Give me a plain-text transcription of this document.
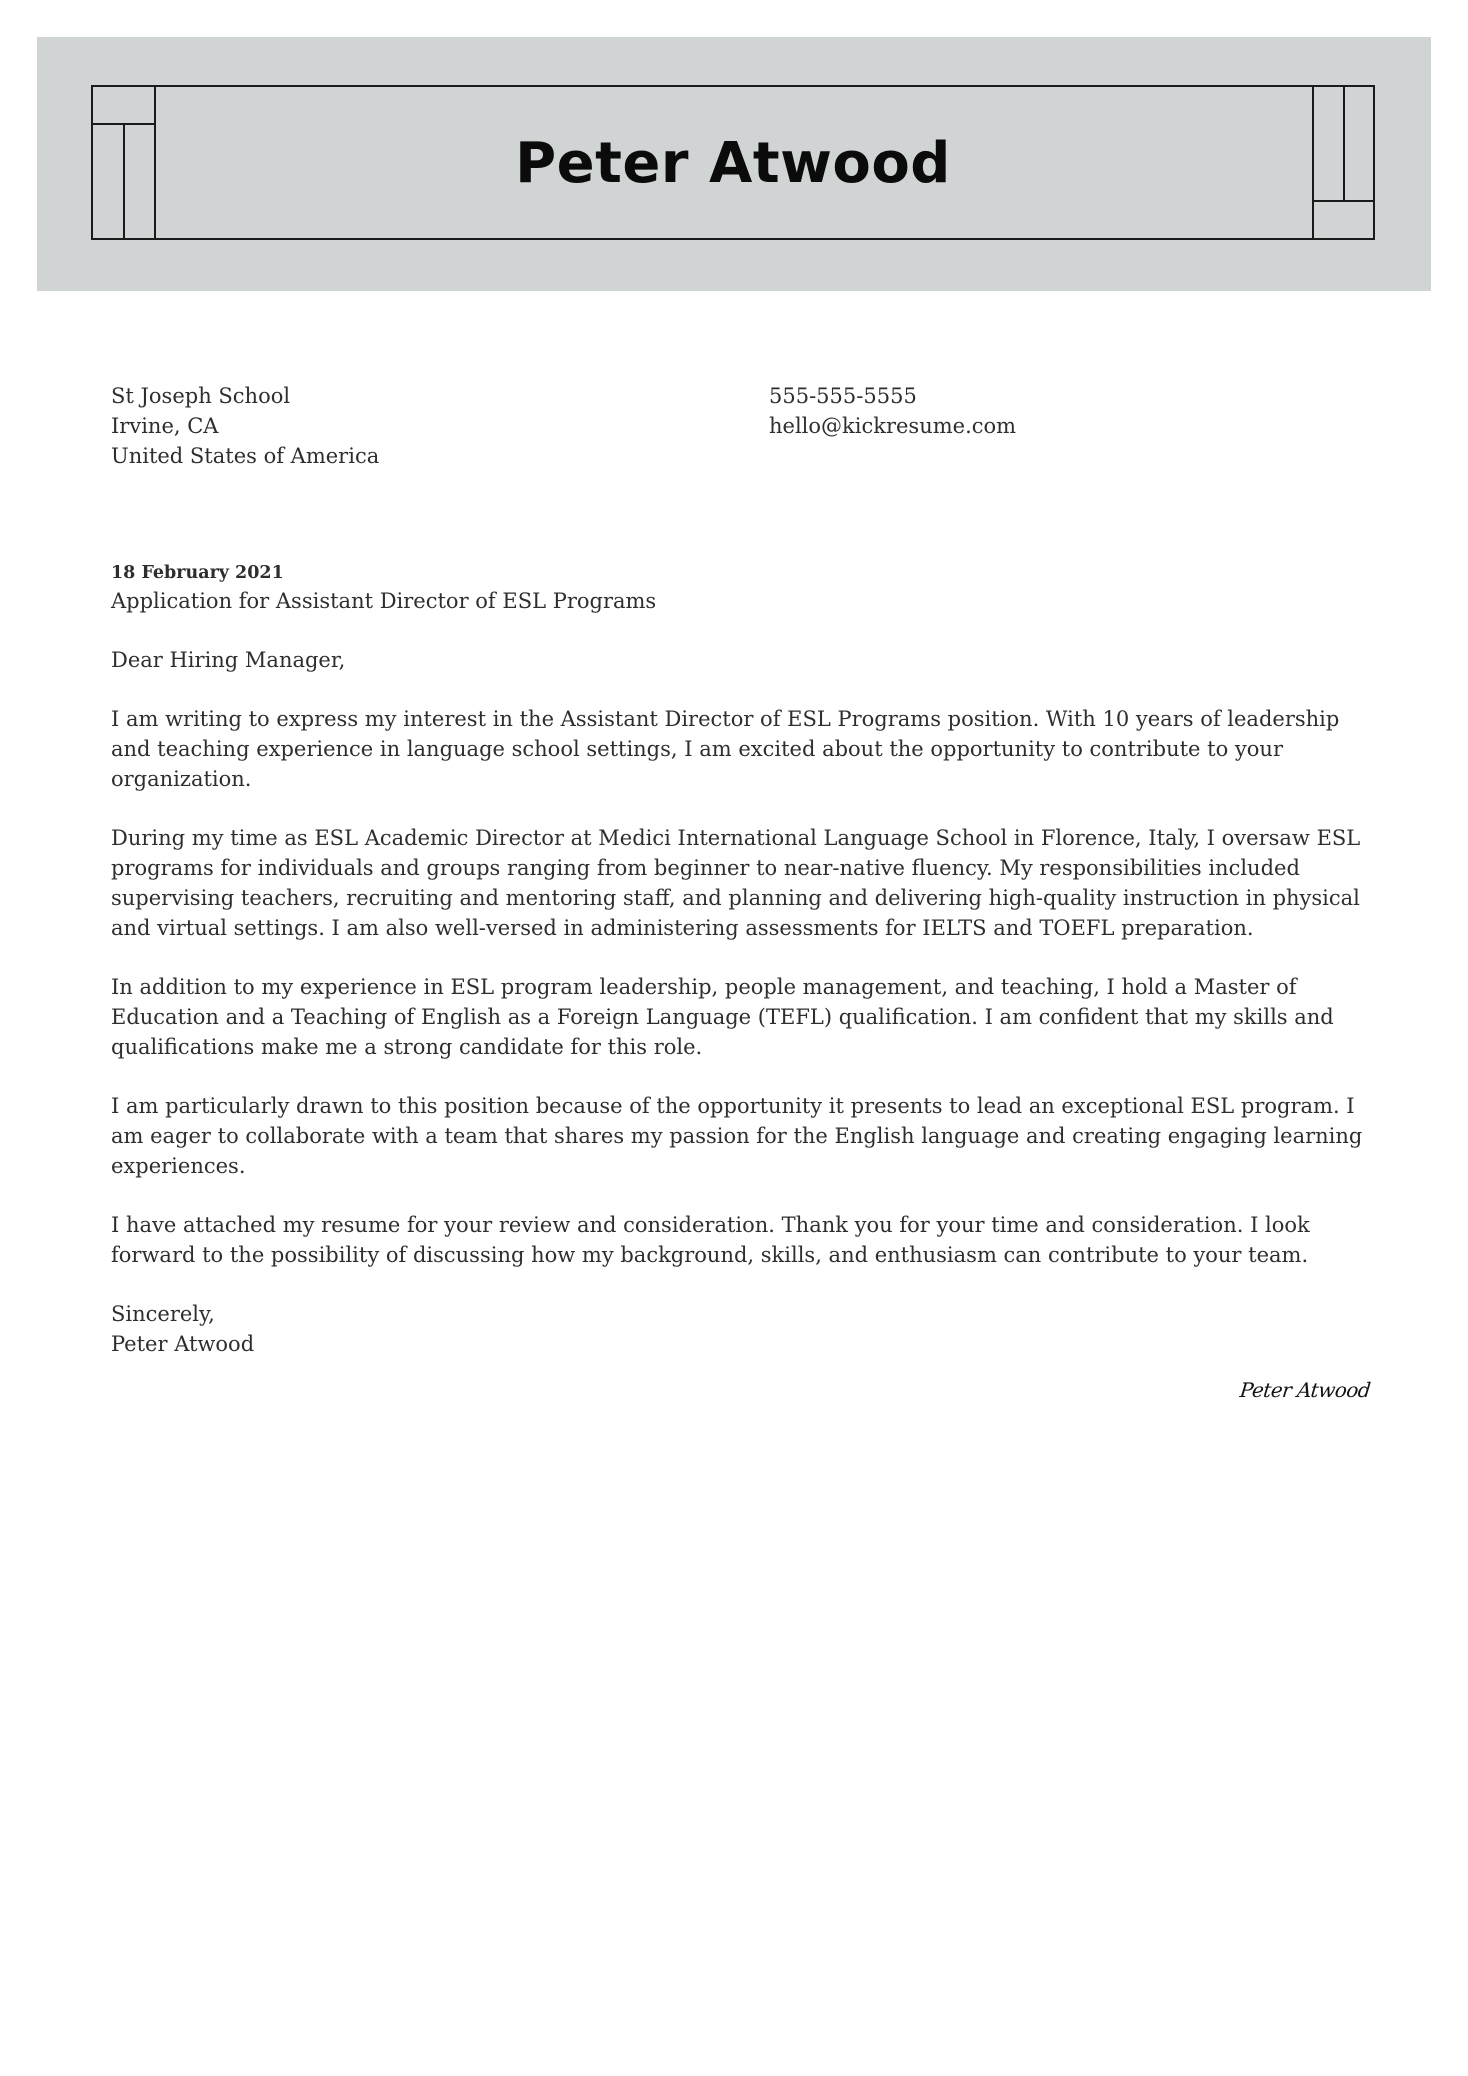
Peter Atwood
St Joseph School
Irvine, CA
United States of America
555-555-5555
hello@kickresume.com
18 February 2021

Application for Assistant Director of ESL Programs

Dear Hiring Manager,

I am writing to express my interest in the Assistant Director of ESL Programs position. With 10 years of leadership and teaching experience in language school settings, I am excited about the opportunity to contribute to your organization.

During my time as ESL Academic Director at Medici International Language School in Florence, Italy, I oversaw ESL programs for individuals and groups ranging from beginner to near-native fluency. My responsibilities included supervising teachers, recruiting and mentoring staff, and planning and delivering high-quality instruction in physical and virtual settings. I am also well-versed in administering assessments for IELTS and TOEFL preparation.

In addition to my experience in ESL program leadership, people management, and teaching, I hold a Master of Education and a Teaching of English as a Foreign Language (TEFL) qualification. I am confident that my skills and qualifications make me a strong candidate for this role.

I am particularly drawn to this position because of the opportunity it presents to lead an exceptional ESL program. I am eager to collaborate with a team that shares my passion for the English language and creating engaging learning experiences.

I have attached my resume for your review and consideration. Thank you for your time and consideration. I look forward to the possibility of discussing how my background, skills, and enthusiasm can contribute to your team.

Sincerely,
Peter Atwood
Peter Atwood
